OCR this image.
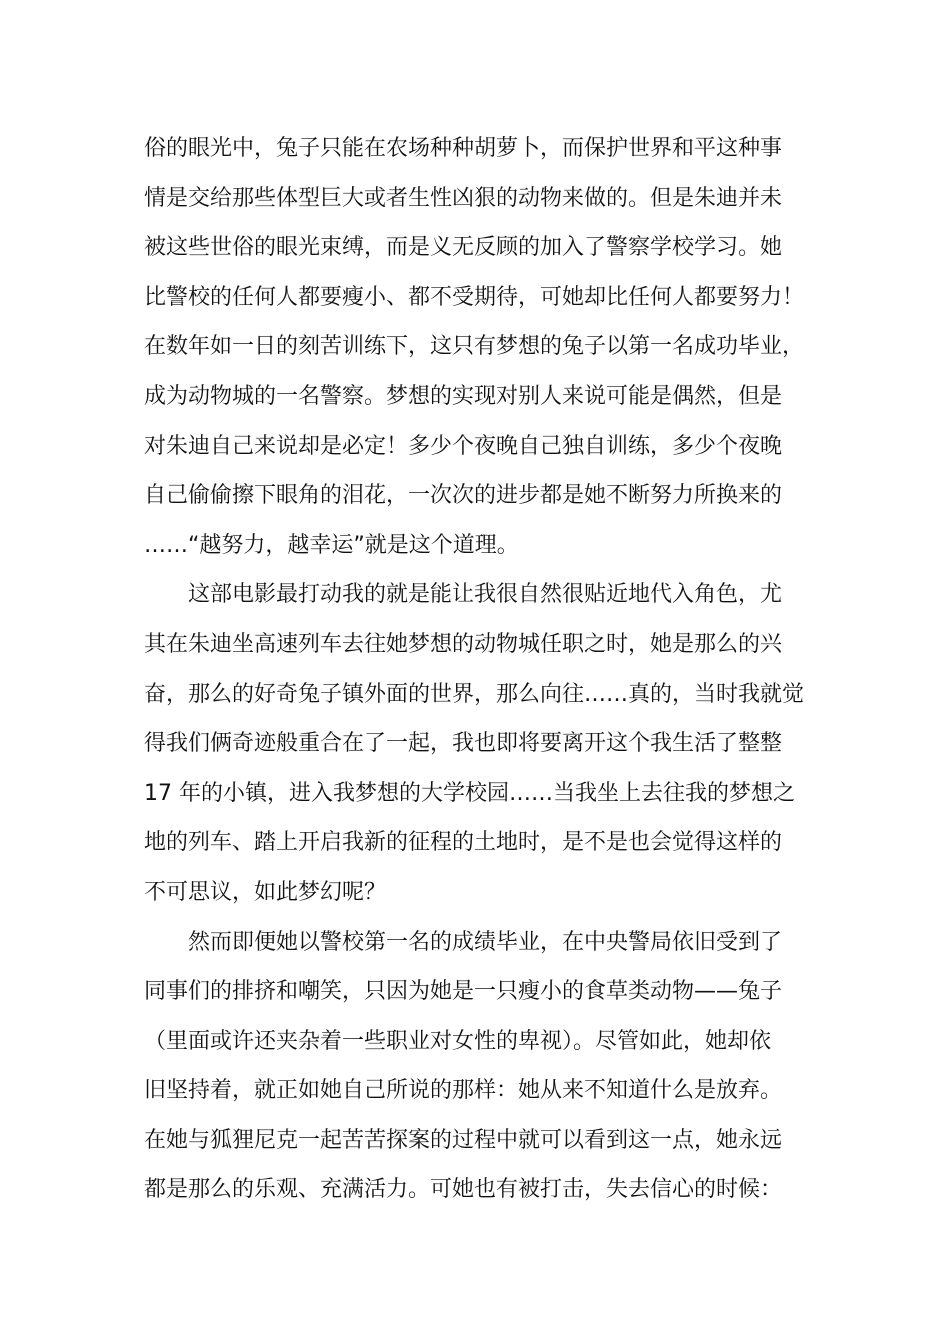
俗的眼光中，兔子只能在农场种种胡萝卜，而保护世界和平这种事
情是交给那些体型巨大或者生性凶狠的动物来做的。但是朱迪并未
被这些世俗的眼光束缚，而是义无反顾的加入了警察学校学习。她
比警校的任何人都要瘦小、都不受期待，可她却比任何人都要努力！
在数年如一日的刻苦训练下，这只有梦想的兔子以第一名成功毕业，
成为动物城的一名警察。梦想的实现对别人来说可能是偶然，但是
对朱迪自己来说却是必定！多少个夜晚自己独自训练，多少个夜晚
自己偷偷擦下眼角的泪花，一次次的进步都是她不断努力所换来的
……“越努力，越幸运”就是这个道理。
这部电影最打动我的就是能让我很自然很贴近地代入角色，尤
其在朱迪坐高速列车去往她梦想的动物城任职之时，她是那么的兴
奋，那么的好奇兔子镇外面的世界，那么向往……真的，当时我就觉
得我们俩奇迹般重合在了一起，我也即将要离开这个我生活了整整
17 年的小镇，进入我梦想的大学校园……当我坐上去往我的梦想之
地的列车、踏上开启我新的征程的土地时，是不是也会觉得这样的
不可思议，如此梦幻呢？
然而即便她以警校第一名的成绩毕业，在中央警局依旧受到了
同事们的排挤和嘲笑，只因为她是一只瘦小的食草类动物——兔子
（里面或许还夹杂着一些职业对女性的卑视）。尽管如此，她却依
旧坚持着，就正如她自己所说的那样：她从来不知道什么是放弃。
在她与狐狸尼克一起苦苦探案的过程中就可以看到这一点，她永远
都是那么的乐观、充满活力。可她也有被打击，失去信心的时候：
